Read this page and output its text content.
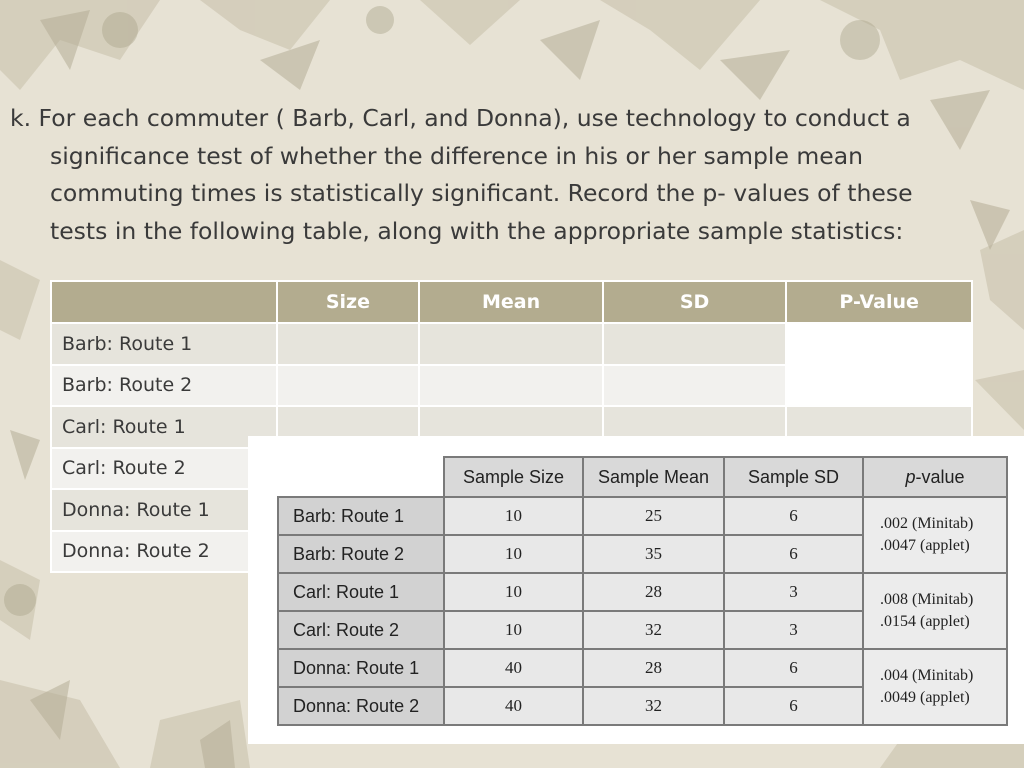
k. For each commuter ( Barb, Carl, and Donna), use technology to conduct a
significance test of whether the difference in his or her sample mean
commuting times is statistically significant. Record the p- values of these
tests in the following table, along with the appropriate sample statistics:
	Size	Mean	SD	P-Value
Barb: Route 1				
Barb: Route 2				
Carl: Route 1				
Carl: Route 2				
Donna: Route 1				
Donna: Route 2				
	Sample Size	Sample Mean	Sample SD	p-value
Barb: Route 1	10	25	6	.002 (Minitab)
.0047 (applet)

Barb: Route 2	10	35	6	
Carl: Route 1	10	28	3	.008 (Minitab)
.0154 (applet)

Carl: Route 2	10	32	3	
Donna: Route 1	40	28	6	.004 (Minitab)
.0049 (applet)

Donna: Route 2	40	32	6	
